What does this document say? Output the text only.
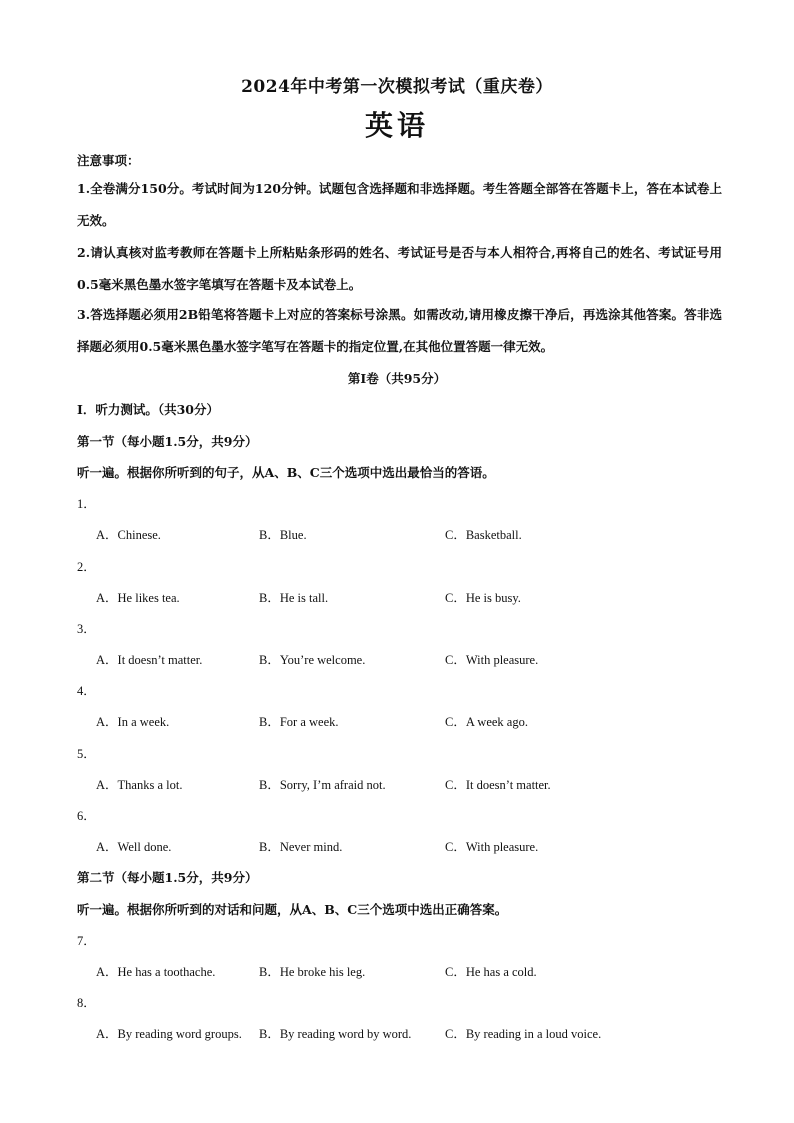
2024年中考第一次模拟考试（重庆卷）
英语
注意事项：
1.全卷满分150分。考试时间为120分钟。试题包含选择题和非选择题。考生答题全部答在答题卡上，答在本试卷上无效。
2.请认真核对监考教师在答题卡上所粘贴条形码的姓名、考试证号是否与本人相符合,再将自己的姓名、考试证号用0.5毫米黑色墨水签字笔填写在答题卡及本试卷上。
3.答选择题必须用2B铅笔将答题卡上对应的答案标号涂黑。如需改动,请用橡皮擦干净后，再选涂其他答案。答非选择题必须用0.5毫米黑色墨水签字笔写在答题卡的指定位置,在其他位置答题一律无效。
第I卷（共95分）
Ⅰ．听力测试。（共30分）
第一节（每小题1.5分，共9分）
听一遍。根据你所听到的句子，从A、B、C三个选项中选出最恰当的答语。
1．
A．Chinese.	B．Blue.	C．Basketball.
2．
A．He likes tea.	B．He is tall.	C．He is busy.
3．
A．It doesn’t matter.	B．You’re welcome.	C．With pleasure.
4．
A．In a week.	B．For a week.	C．A week ago.
5．
A．Thanks a lot.	B．Sorry, I’m afraid not.	C．It doesn’t matter.
6．
A．Well done.	B．Never mind.	C．With pleasure.
第二节（每小题1.5分，共9分）
听一遍。根据你所听到的对话和问题，从A、B、C三个选项中选出正确答案。
7．
A．He has a toothache.	B．He broke his leg.	C．He has a cold.
8．
A．By reading word groups. B．By reading word by word.	C．By reading in a loud voice.
